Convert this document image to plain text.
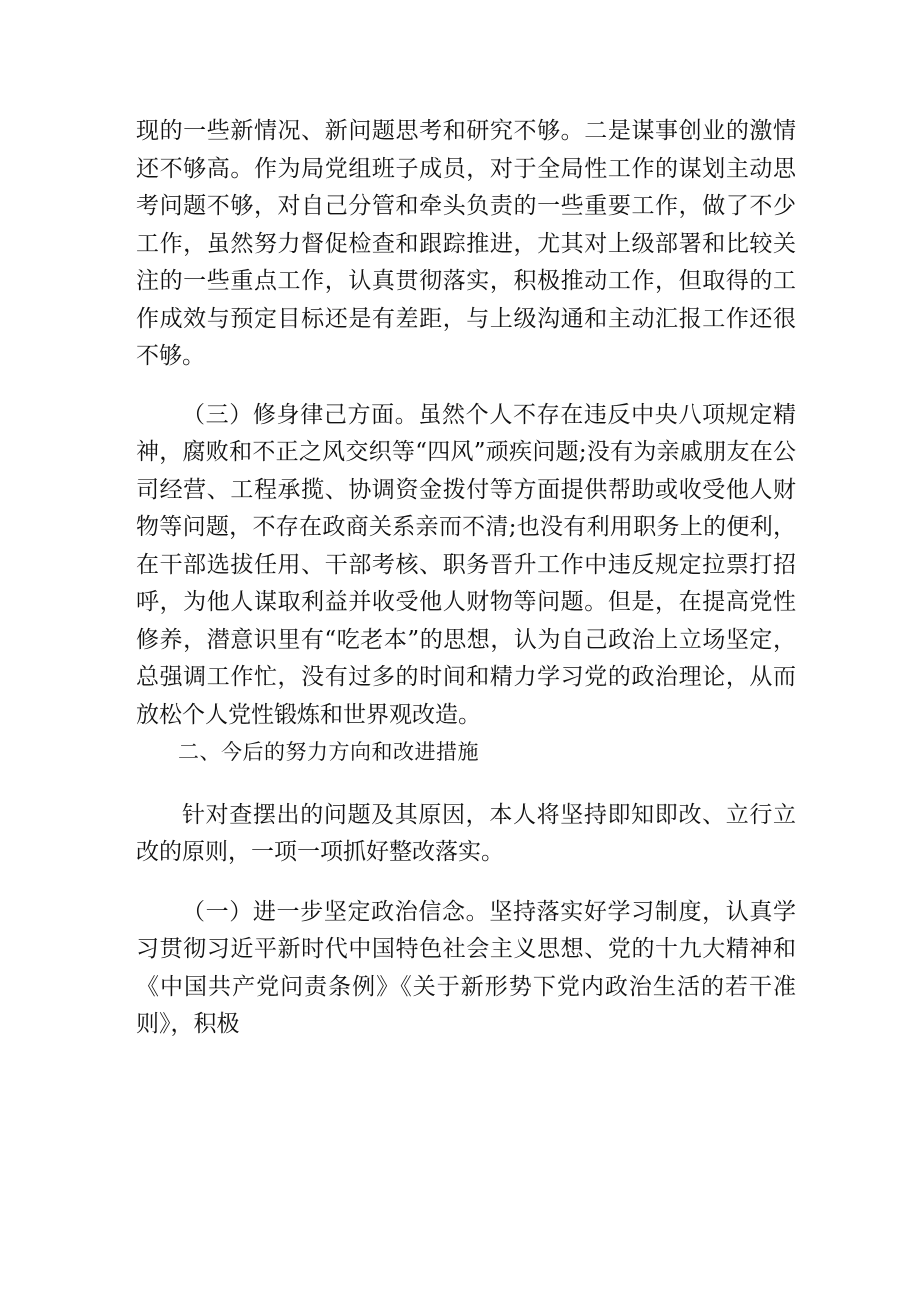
现的一些新情况、新问题思考和研究不够。二是谋事创业的激情还不够高。作为局党组班子成员，对于全局性工作的谋划主动思考问题不够，对自己分管和牵头负责的一些重要工作，做了不少工作，虽然努力督促检查和跟踪推进，尤其对上级部署和比较关注的一些重点工作，认真贯彻落实，积极推动工作，但取得的工作成效与预定目标还是有差距，与上级沟通和主动汇报工作还很不够。

（三）修身律己方面。虽然个人不存在违反中央八项规定精神，腐败和不正之风交织等“四风”顽疾问题;没有为亲戚朋友在公司经营、工程承揽、协调资金拨付等方面提供帮助或收受他人财物等问题，不存在政商关系亲而不清;也没有利用职务上的便利，在干部选拔任用、干部考核、职务晋升工作中违反规定拉票打招呼，为他人谋取利益并收受他人财物等问题。但是，在提高党性修养，潜意识里有“吃老本”的思想，认为自己政治上立场坚定，总强调工作忙，没有过多的时间和精力学习党的政治理论，从而放松个人党性锻炼和世界观改造。

二、今后的努力方向和改进措施

针对查摆出的问题及其原因，本人将坚持即知即改、立行立改的原则，一项一项抓好整改落实。

（一）进一步坚定政治信念。坚持落实好学习制度，认真学习贯彻习近平新时代中国特色社会主义思想、党的十九大精神和《中国共产党问责条例》《关于新形势下党内政治生活的若干准则》，积极
